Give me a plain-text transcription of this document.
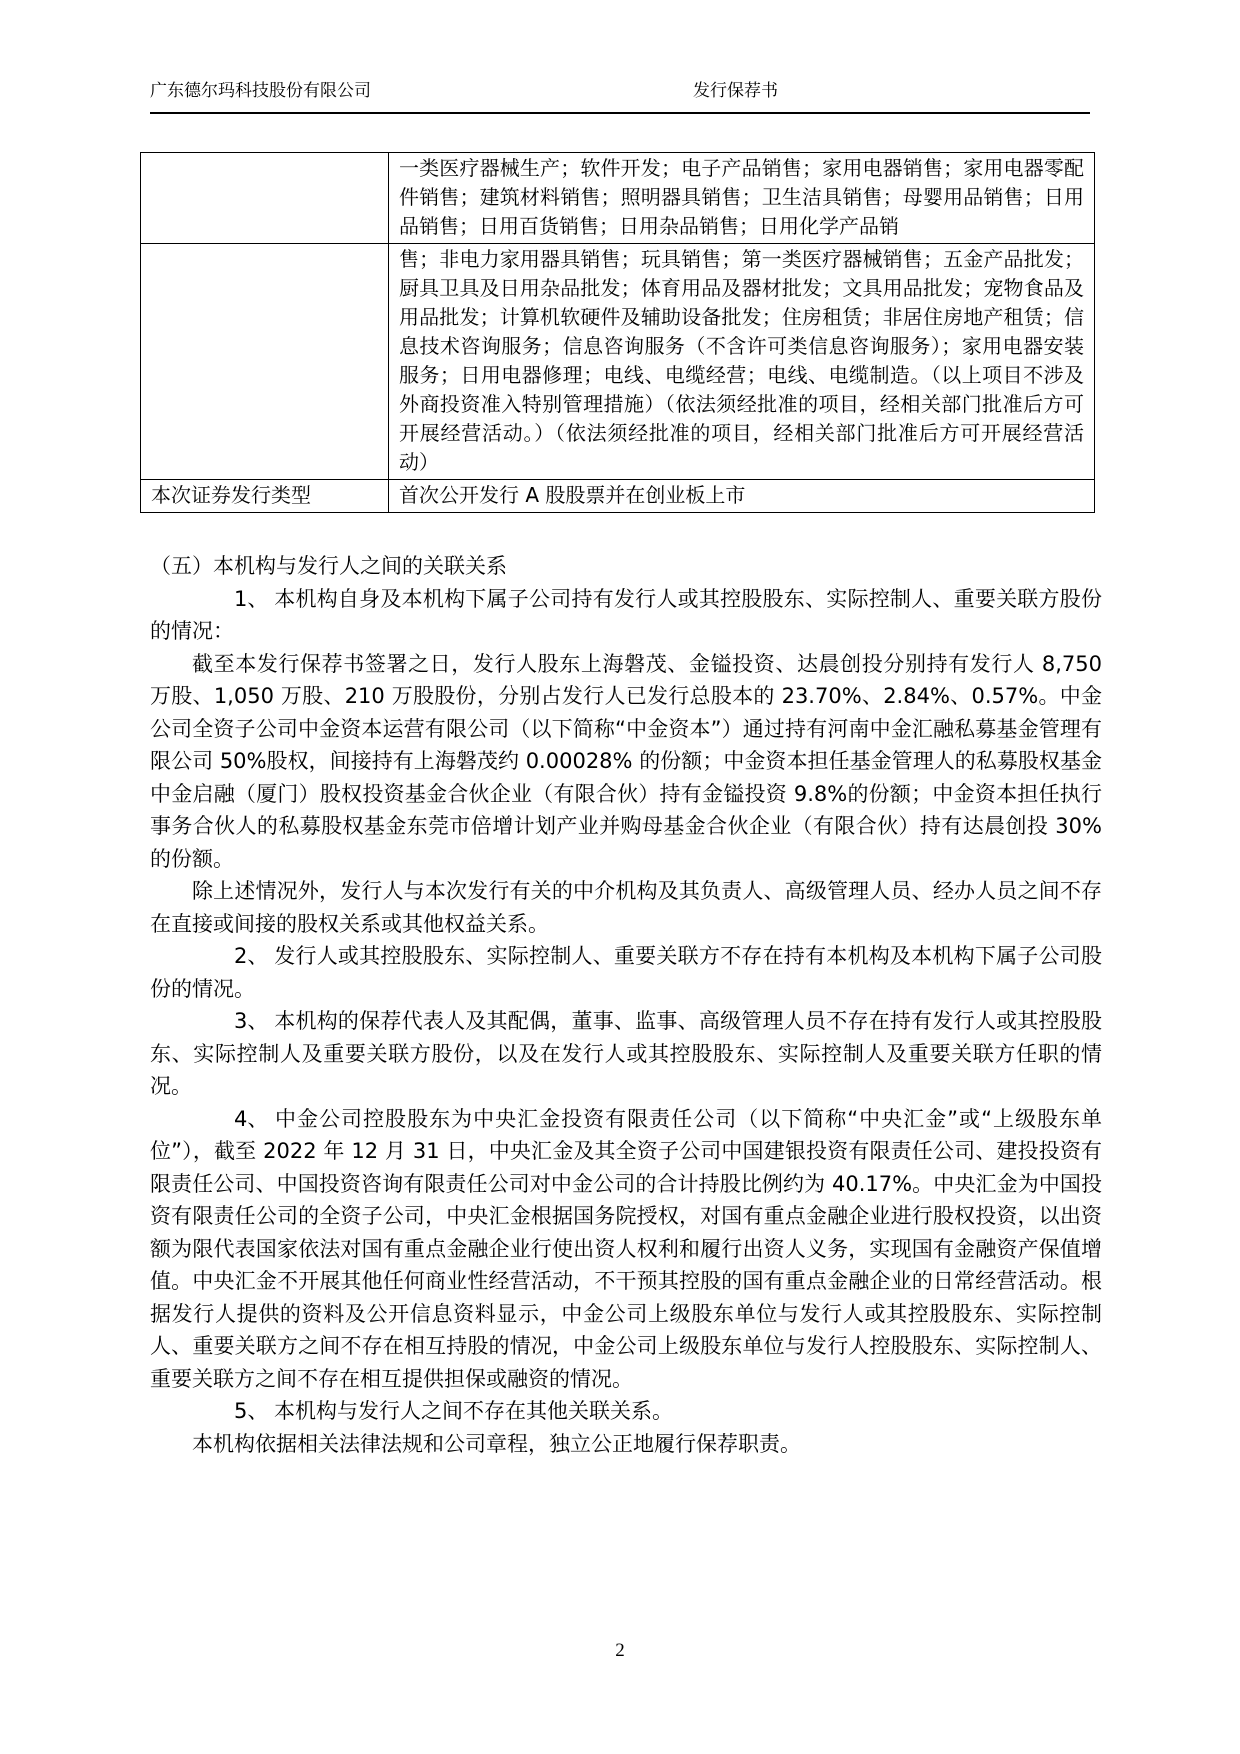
广东德尔玛科技股份有限公司	发行保荐书
	一类医疗器械生产；软件开发；电子产品销售；家用电器销售；家用电器零配件销售；建筑材料销售；照明器具销售；卫生洁具销售；母婴用品销售；日用品销售；日用百货销售；日用杂品销售；日用化学产品销
	售；非电力家用器具销售；玩具销售；第一类医疗器械销售；五金产品批发；厨具卫具及日用杂品批发；体育用品及器材批发；文具用品批发；宠物食品及用品批发；计算机软硬件及辅助设备批发；住房租赁；非居住房地产租赁；信息技术咨询服务；信息咨询服务（不含许可类信息咨询服务）；家用电器安装服务；日用电器修理；电线、电缆经营；电线、电缆制造。（以上项目不涉及外商投资准入特别管理措施）（依法须经批准的项目，经相关部门批准后方可开展经营活动。）（依法须经批准的项目，经相关部门批准后方可开展经营活动）
本次证券发行类型	首次公开发行 A 股股票并在创业板上市

（五）本机构与发行人之间的关联关系

1、 本机构自身及本机构下属子公司持有发行人或其控股股东、实际控制人、重要关联方股份的情况：

截至本发行保荐书签署之日，发行人股东上海磐茂、金镒投资、达晨创投分别持有发行人 8,750 万股、1,050 万股、210 万股股份，分别占发行人已发行总股本的 23.70%、2.84%、0.57%。中金公司全资子公司中金资本运营有限公司（以下简称“中金资本”）通过持有河南中金汇融私募基金管理有限公司 50%股权，间接持有上海磐茂约 0.00028% 的份额；中金资本担任基金管理人的私募股权基金中金启融（厦门）股权投资基金合伙企业（有限合伙）持有金镒投资 9.8%的份额；中金资本担任执行事务合伙人的私募股权基金东莞市倍增计划产业并购母基金合伙企业（有限合伙）持有达晨创投 30%的份额。

除上述情况外，发行人与本次发行有关的中介机构及其负责人、高级管理人员、经办人员之间不存在直接或间接的股权关系或其他权益关系。

2、 发行人或其控股股东、实际控制人、重要关联方不存在持有本机构及本机构下属子公司股份的情况。

3、 本机构的保荐代表人及其配偶，董事、监事、高级管理人员不存在持有发行人或其控股股东、实际控制人及重要关联方股份，以及在发行人或其控股股东、实际控制人及重要关联方任职的情况。

4、 中金公司控股股东为中央汇金投资有限责任公司（以下简称“中央汇金”或“上级股东单位”），截至 2022 年 12 月 31 日，中央汇金及其全资子公司中国建银投资有限责任公司、建投投资有限责任公司、中国投资咨询有限责任公司对中金公司的合计持股比例约为 40.17%。中央汇金为中国投资有限责任公司的全资子公司，中央汇金根据国务院授权，对国有重点金融企业进行股权投资，以出资额为限代表国家依法对国有重点金融企业行使出资人权利和履行出资人义务，实现国有金融资产保值增值。中央汇金不开展其他任何商业性经营活动，不干预其控股的国有重点金融企业的日常经营活动。根据发行人提供的资料及公开信息资料显示，中金公司上级股东单位与发行人或其控股股东、实际控制人、重要关联方之间不存在相互持股的情况，中金公司上级股东单位与发行人控股股东、实际控制人、重要关联方之间不存在相互提供担保或融资的情况。

5、 本机构与发行人之间不存在其他关联关系。

本机构依据相关法律法规和公司章程，独立公正地履行保荐职责。

2
